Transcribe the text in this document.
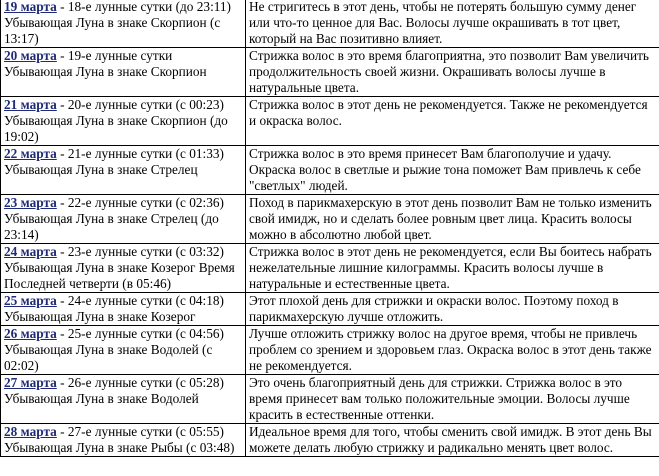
19 марта - 18-е лунные сутки (до 23:11)
Убывающая Луна в знаке Скорпион (с 13:17)	Не стригитесь в этот день, чтобы не потерять большую сумму денег или что-то ценное для Вас. Волосы лучше окрашивать в тот цвет, который на Вас позитивно влияет.
20 марта - 19-е лунные сутки
Убывающая Луна в знаке Скорпион	Стрижка волос в это время благоприятна, это позволит Вам увеличить продолжительность своей жизни. Окрашивать волосы лучше в натуральные цвета.
21 марта - 20-е лунные сутки (с 00:23)
Убывающая Луна в знаке Скорпион (до 19:02)	Стрижка волос в этот день не рекомендуется. Также не рекомендуется и окраска волос.
22 марта - 21-е лунные сутки (с 01:33)
Убывающая Луна в знаке Стрелец	Стрижка волос в это время принесет Вам благополучие и удачу. Окраска волос в светлые и рыжие тона поможет Вам привлечь к себе "светлых" людей.
23 марта - 22-е лунные сутки (с 02:36)
Убывающая Луна в знаке Стрелец (до 23:14)	Поход в парикмахерскую в этот день позволит Вам не только изменить свой имидж, но и сделать более ровным цвет лица. Красить волосы можно в абсолютно любой цвет.
24 марта - 23-е лунные сутки (с 03:32)
Убывающая Луна в знаке Козерог Время Последней четверти (в 05:46)	Стрижка волос в этот день не рекомендуется, если Вы боитесь набрать нежелательные лишние килограммы. Красить волосы лучше в натуральные и естественные цвета.
25 марта - 24-е лунные сутки (с 04:18)
Убывающая Луна в знаке Козерог	Этот плохой день для стрижки и окраски волос. Поэтому поход в парикмахерскую лучше отложить.
26 марта - 25-е лунные сутки (с 04:56)
Убывающая Луна в знаке Водолей (с 02:02)	Лучше отложить стрижку волос на другое время, чтобы не привлечь проблем со зрением и здоровьем глаз. Окраска волос в этот день также не рекомендуется.
27 марта - 26-е лунные сутки (с 05:28)
Убывающая Луна в знаке Водолей	Это очень благоприятный день для стрижки. Стрижка волос в это время принесет вам только положительные эмоции. Волосы лучше красить в естественные оттенки.
28 марта - 27-е лунные сутки (с 05:55)
Убывающая Луна в знаке Рыбы (с 03:48)	Идеальное время для того, чтобы сменить свой имидж. В этот день Вы можете делать любую стрижку и радикально менять цвет волос.
